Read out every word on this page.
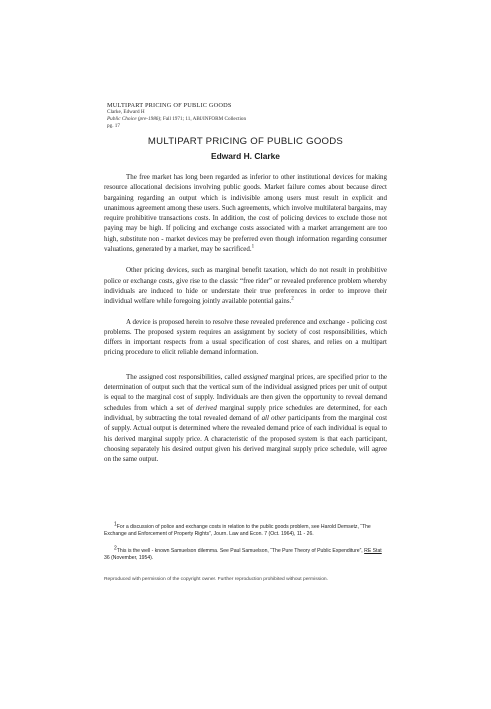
MULTIPART PRICING OF PUBLIC GOODS
Clarke, Edward H
Public Choice (pre-1986); Fall 1971; 11, ABI/INFORM Collection
pg. 17
MULTIPART PRICING OF PUBLIC GOODS
Edward H. Clarke

The free market has long been regarded as inferior to other institutional devices for making resource allocational decisions involving public goods. Market failure comes about because direct bargaining regarding an output which is indivisible among users must result in explicit and unanimous agreement among these users. Such agreements, which involve multilateral bargains, may require prohibitive transactions costs. In addition, the cost of policing devices to exclude those not paying may be high. If policing and exchange costs associated with a market arrangement are too high, substitute non - market devices may be preferred even though information regarding consumer valuations, generated by a market, may be sacrificed.$^1$

Other pricing devices, such as marginal benefit taxation, which do not result in prohibitive police or exchange costs, give rise to the classic “free rider” or revealed preference problem whereby individuals are induced to hide or understate their true preferences in order to improve their individual welfare while foregoing jointly available potential gains.$^2$

A device is proposed herein to resolve these revealed preference and exchange - policing cost problems. The proposed system requires an assignment by society of cost responsibilities, which differs in important respects from a usual specification of cost shares, and relies on a multipart pricing procedure to elicit reliable demand information.

The assigned cost responsibilities, called assigned marginal prices, are specified prior to the determination of output such that the vertical sum of the individual assigned prices per unit of output is equal to the marginal cost of supply. Individuals are then given the opportunity to reveal demand schedules from which a set of derived marginal supply price schedules are determined, for each individual, by subtracting the total revealed demand of all other participants from the marginal cost of supply. Actual output is determined where the revealed demand price of each individual is equal to his derived marginal supply price. A characteristic of the proposed system is that each participant, choosing separately his desired output given his derived marginal supply price schedule, will agree on the same output.

1For a discussion of police and exchange costs in relation to the public goods problem, see Harold Demsetz, “The Exchange and Enforcement of Property Rights”, Journ. Law and Econ. 7 (Oct. 1964), 11 - 26.

2This is the well - known Samuelson dilemma. See Paul Samuelson, “The Pure Theory of Public Expenditure”, RE Stat 36 (November, 1954).

Reproduced with permission of the copyright owner. Further reproduction prohibited without permission.
